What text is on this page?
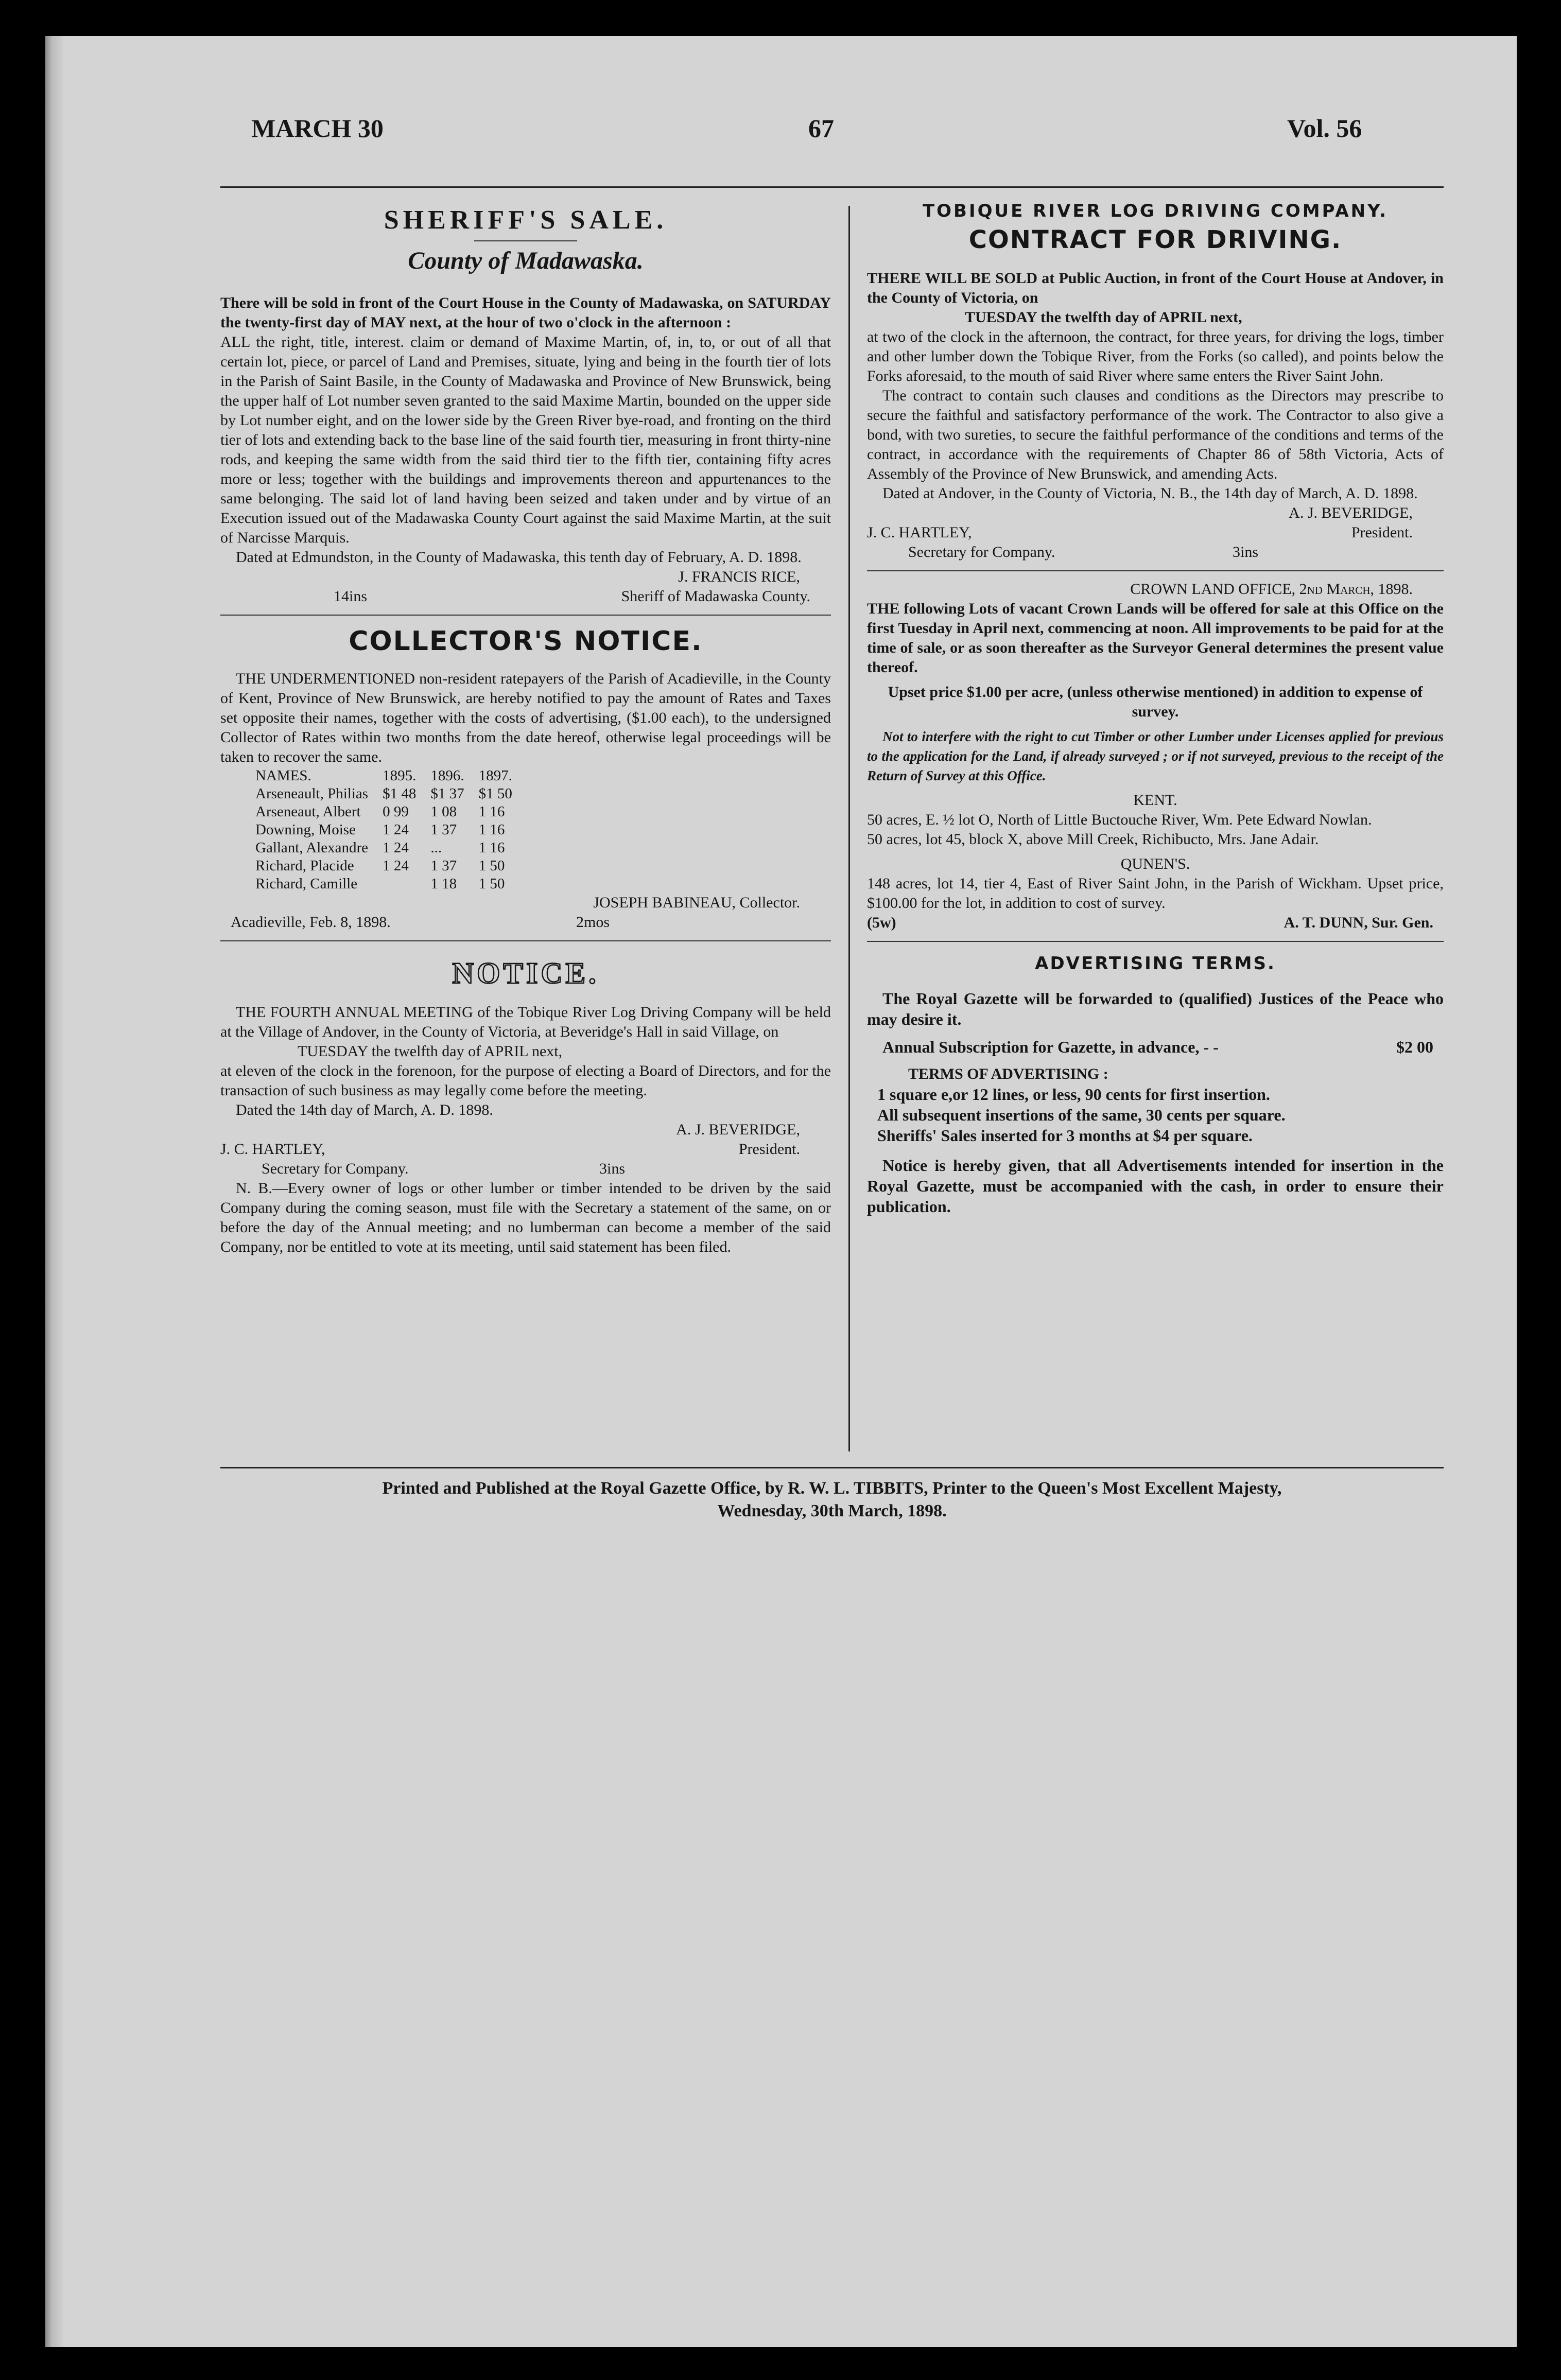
MARCH 30	67	Vol. 56

SHERIFF'S SALE.

County of Madawaska.

There will be sold in front of the Court House in the County of Madawaska, on SATURDAY the twenty-first day of MAY next, at the hour of two o'clock in the afternoon :

ALL the right, title, interest. claim or demand of Maxime Martin, of, in, to, or out of all that certain lot, piece, or parcel of Land and Premises, situate, lying and being in the fourth tier of lots in the Parish of Saint Basile, in the County of Madawaska and Province of New Brunswick, being the upper half of Lot number seven granted to the said Maxime Martin, bounded on the upper side by Lot number eight, and on the lower side by the Green River bye-road, and fronting on the third tier of lots and extending back to the base line of the said fourth tier, measuring in front thirty-nine rods, and keeping the same width from the said third tier to the fifth tier, containing fifty acres more or less; together with the buildings and improvements thereon and appurtenances to the same belonging. The said lot of land having been seized and taken under and by virtue of an Execution issued out of the Madawaska County Court against the said Maxime Martin, at the suit of Narcisse Marquis.

Dated at Edmundston, in the County of Madawaska, this tenth day of February, A. D. 1898.

J. FRANCIS RICE,

14ins	Sheriff of Madawaska County.

COLLECTOR'S NOTICE.

THE UNDERMENTIONED non-resident ratepayers of the Parish of Acadieville, in the County of Kent, Province of New Brunswick, are hereby notified to pay the amount of Rates and Taxes set opposite their names, together with the costs of advertising, ($1.00 each), to the undersigned Collector of Rates within two months from the date hereof, otherwise legal proceedings will be taken to recover the same.

NAMES.	1895.	1896.	1897.
Arseneault, Philias	$1 48	$1 37	$1 50
Arseneaut, Albert	0 99	1 08	1 16
Downing, Moise	1 24	1 37	1 16
Gallant, Alexandre	1 24	...	1 16
Richard, Placide	1 24	1 37	1 50
Richard, Camille		1 18	1 50

JOSEPH BABINEAU, Collector.

Acadieville, Feb. 8, 1898.	2mos

NOTICE.

THE FOURTH ANNUAL MEETING of the Tobique River Log Driving Company will be held at the Village of Andover, in the County of Victoria, at Beveridge's Hall in said Village, on

TUESDAY the twelfth day of APRIL next,

at eleven of the clock in the forenoon, for the purpose of electing a Board of Directors, and for the transaction of such business as may legally come before the meeting.

Dated the 14th day of March, A. D. 1898.

A. J. BEVERIDGE,

J. C. HARTLEY,	President.
Secretary for Company.	3ins

N. B.—Every owner of logs or other lumber or timber intended to be driven by the said Company during the coming season, must file with the Secretary a statement of the same, on or before the day of the Annual meeting; and no lumberman can become a member of the said Company, nor be entitled to vote at its meeting, until said statement has been filed.

TOBIQUE RIVER LOG DRIVING COMPANY.

CONTRACT FOR DRIVING.

THERE WILL BE SOLD at Public Auction, in front of the Court House at Andover, in the County of Victoria, on

TUESDAY the twelfth day of APRIL next,

at two of the clock in the afternoon, the contract, for three years, for driving the logs, timber and other lumber down the Tobique River, from the Forks (so called), and points below the Forks aforesaid, to the mouth of said River where same enters the River Saint John.

The contract to contain such clauses and conditions as the Directors may prescribe to secure the faithful and satisfactory performance of the work. The Contractor to also give a bond, with two sureties, to secure the faithful performance of the conditions and terms of the contract, in accordance with the requirements of Chapter 86 of 58th Victoria, Acts of Assembly of the Province of New Brunswick, and amending Acts.

Dated at Andover, in the County of Victoria, N. B., the 14th day of March, A. D. 1898.

A. J. BEVERIDGE,

J. C. HARTLEY,	President.
Secretary for Company.	3ins

CROWN LAND OFFICE, 2nd March, 1898.

THE following Lots of vacant Crown Lands will be offered for sale at this Office on the first Tuesday in April next, commencing at noon. All improvements to be paid for at the time of sale, or as soon thereafter as the Surveyor General determines the present value thereof.

Upset price $1.00 per acre, (unless otherwise mentioned) in addition to expense of survey.

Not to interfere with the right to cut Timber or other Lumber under Licenses applied for previous to the application for the Land, if already surveyed ; or if not surveyed, previous to the receipt of the Return of Survey at this Office.

KENT.

50 acres, E. ½ lot O, North of Little Buctouche River, Wm. Pete Edward Nowlan.

50 acres, lot 45, block X, above Mill Creek, Richibucto, Mrs. Jane Adair.

QUNEN'S.

148 acres, lot 14, tier 4, East of River Saint John, in the Parish of Wickham. Upset price, $100.00 for the lot, in addition to cost of survey.

(5w)	A. T. DUNN, Sur. Gen.

ADVERTISING TERMS.

The Royal Gazette will be forwarded to (qualified) Justices of the Peace who may desire it.

Annual Subscription for Gazette, in advance, - -	$2 00

TERMS OF ADVERTISING :

1 square e,or 12 lines, or less, 90 cents for first insertion.

All subsequent insertions of the same, 30 cents per square.

Sheriffs' Sales inserted for 3 months at $4 per square.

Notice is hereby given, that all Advertisements intended for insertion in the Royal Gazette, must be accompanied with the cash, in order to ensure their publication.

Printed and Published at the Royal Gazette Office, by R. W. L. TIBBITS, Printer to the Queen's Most Excellent Majesty,

Wednesday, 30th March, 1898.
